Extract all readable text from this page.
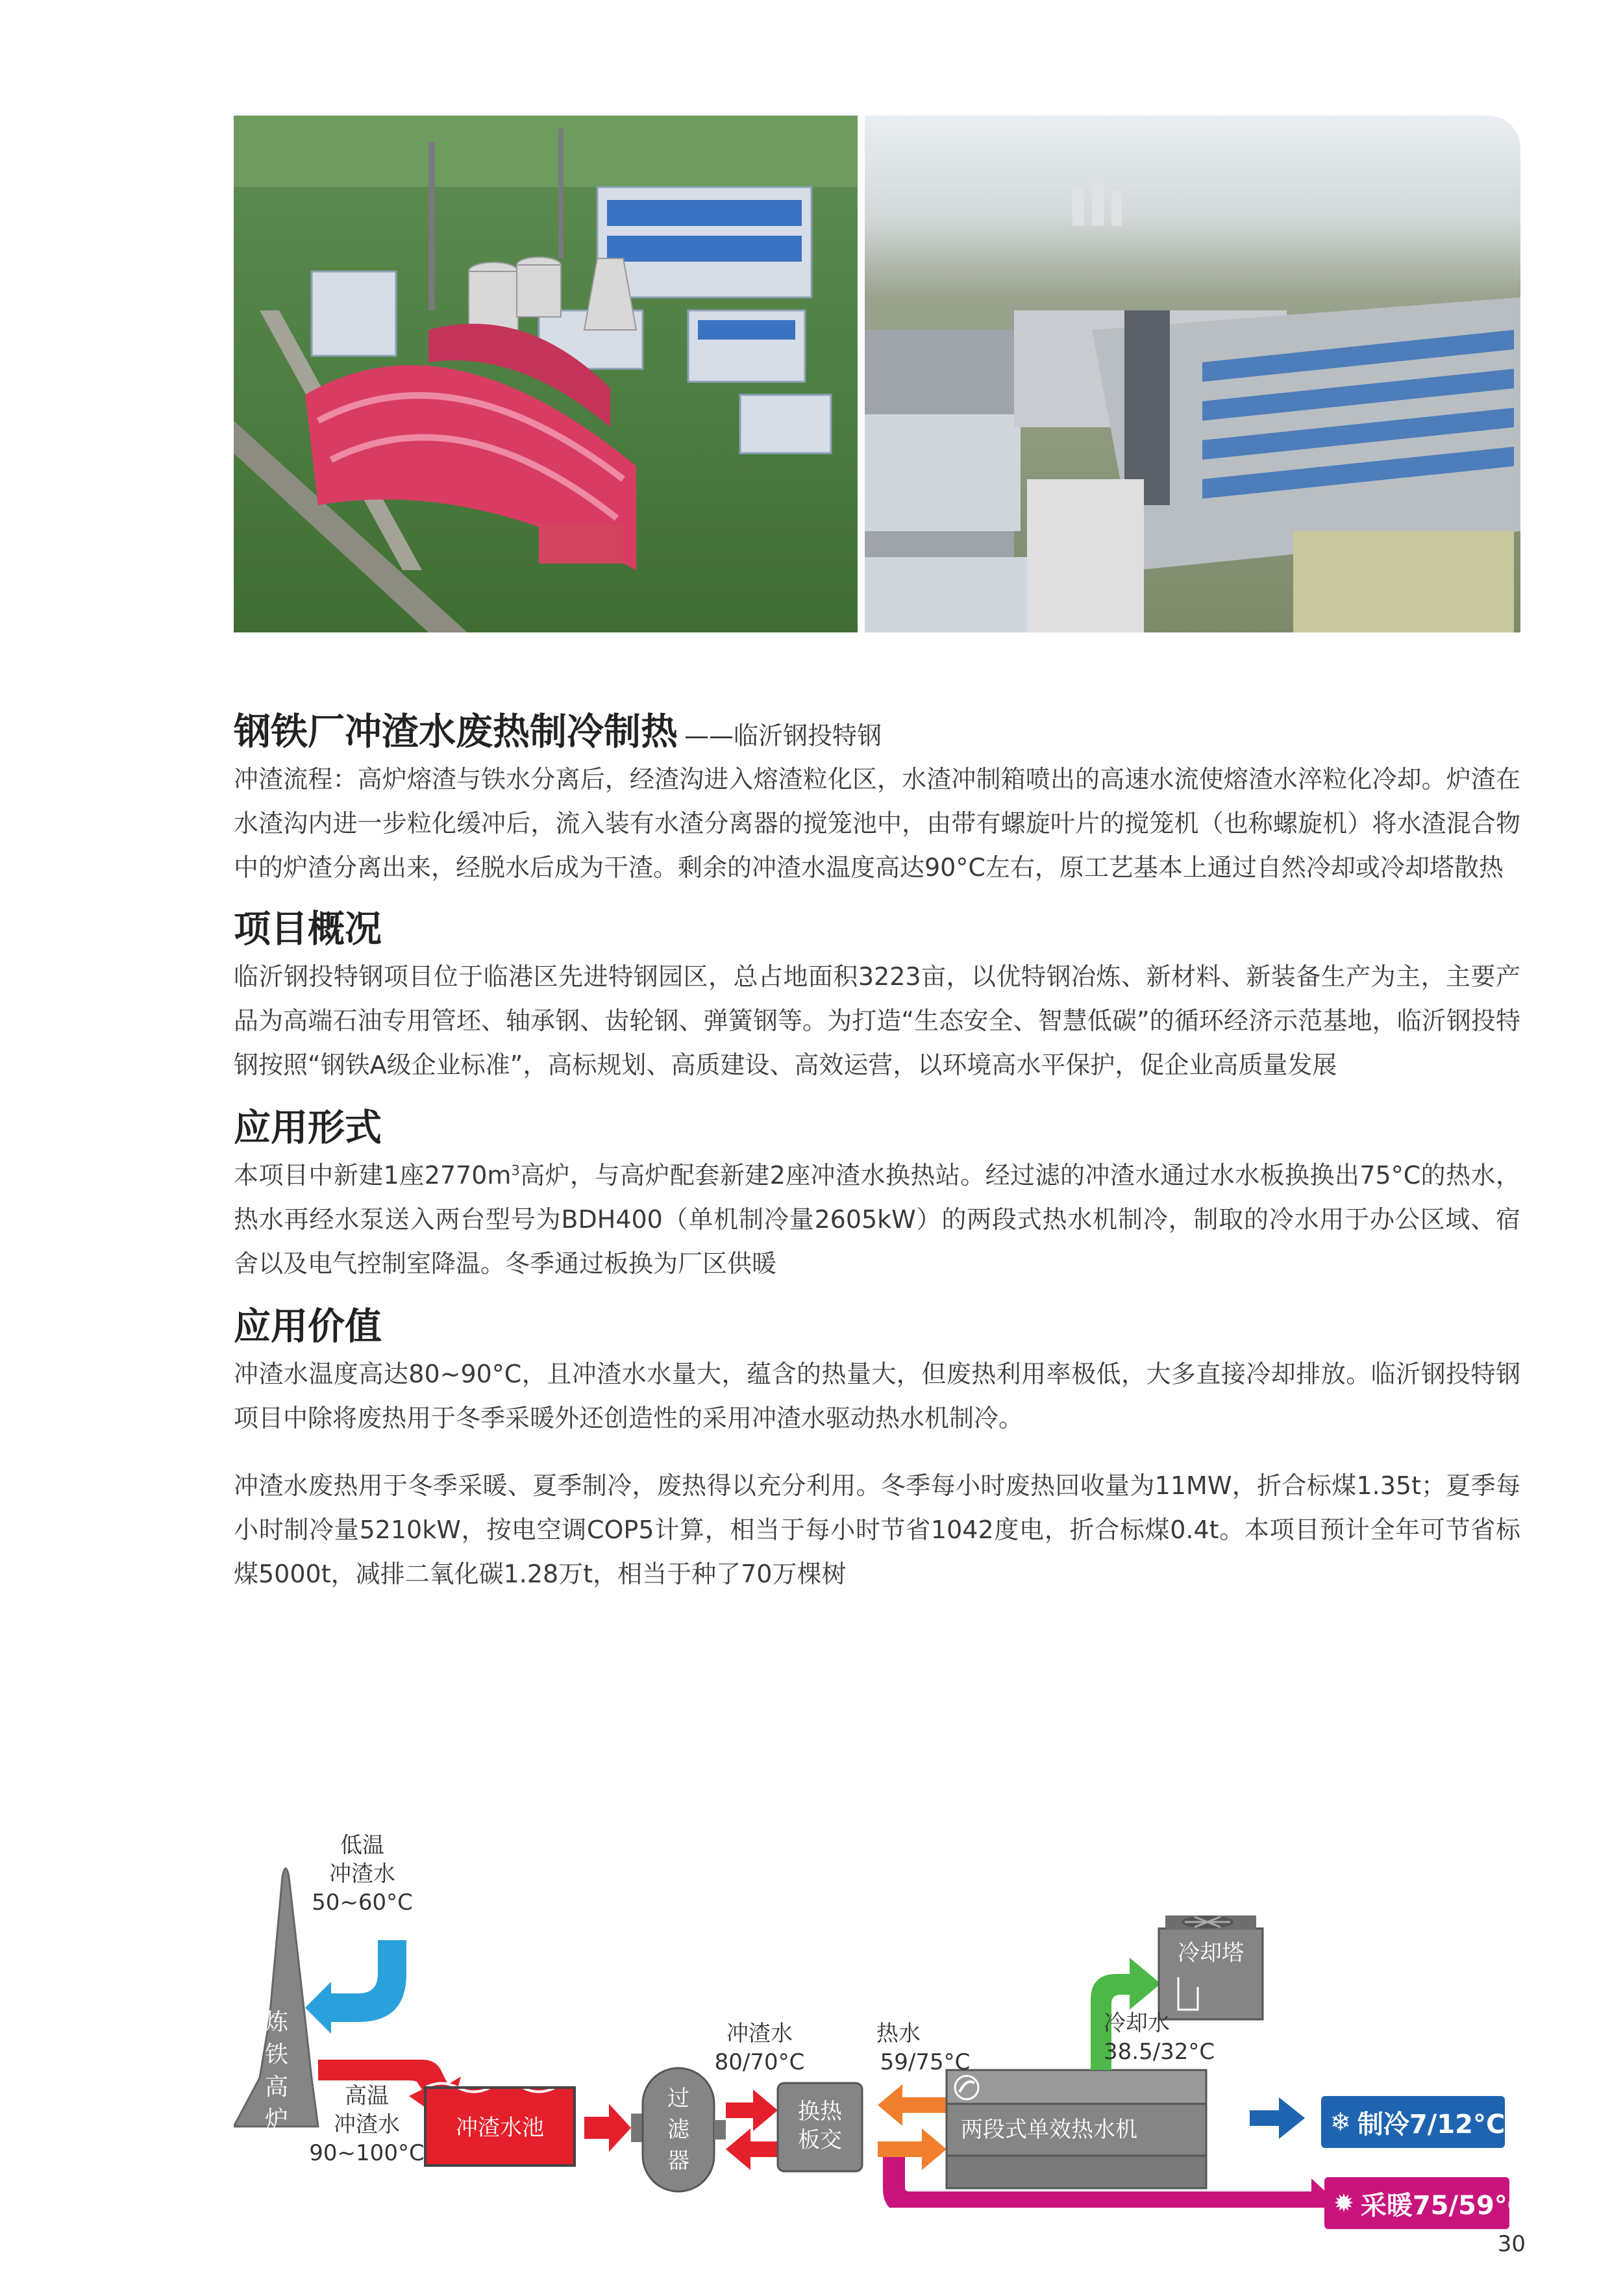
钢铁厂冲渣水废热制冷制热 ——临沂钢投特钢

冲渣流程：高炉熔渣与铁水分离后，经渣沟进入熔渣粒化区，水渣冲制箱喷出的高速水流使熔渣水淬粒化冷却。炉渣在水渣沟内进一步粒化缓冲后，流入装有水渣分离器的搅笼池中，由带有螺旋叶片的搅笼机（也称螺旋机）将水渣混合物中的炉渣分离出来，经脱水后成为干渣。剩余的冲渣水温度高达90°C左右，原工艺基本上通过自然冷却或冷却塔散热

项目概况

临沂钢投特钢项目位于临港区先进特钢园区，总占地面积3223亩，以优特钢冶炼、新材料、新装备生产为主，主要产品为高端石油专用管坯、轴承钢、齿轮钢、弹簧钢等。为打造“生态安全、智慧低碳”的循环经济示范基地，临沂钢投特钢按照“钢铁A级企业标准”，高标规划、高质建设、高效运营，以环境高水平保护，促企业高质量发展

应用形式

本项目中新建1座$2770m^3$高炉，与高炉配套新建2座冲渣水换热站。经过滤的冲渣水通过水水板换换出75°C的热水，热水再经水泵送入两台型号为BDH400（单机制冷量2605kW）的两段式热水机制冷，制取的冷水用于办公区域、宿舍以及电气控制室降温。冬季通过板换为厂区供暖

应用价值

冲渣水温度高达80~90°C，且冲渣水水量大，蕴含的热量大，但废热利用率极低，大多直接冷却排放。临沂钢投特钢项目中除将废热用于冬季采暖外还创造性的采用冲渣水驱动热水机制冷。

冲渣水废热用于冬季采暖、夏季制冷，废热得以充分利用。冬季每小时废热回收量为11MW，折合标煤1.35t；夏季每小时制冷量5210kW，按电空调COP5计算，相当于每小时节省1042度电，折合标煤0.4t。本项目预计全年可节省标煤5000t，减排二氧化碳1.28万t，相当于种了70万棵树

炼
铁
高
炉
低温
冲渣水
50~60°C
高温
冲渣水
90~100°C
冲渣水池
过
滤
器
冲渣水
80/70°C
换热
板交
热水
59/75°C
两段式单效热水机
冷却塔
冷却水
38.5/32°C
❄ 制冷7/12°C
✹ 采暖75/59°C
30
